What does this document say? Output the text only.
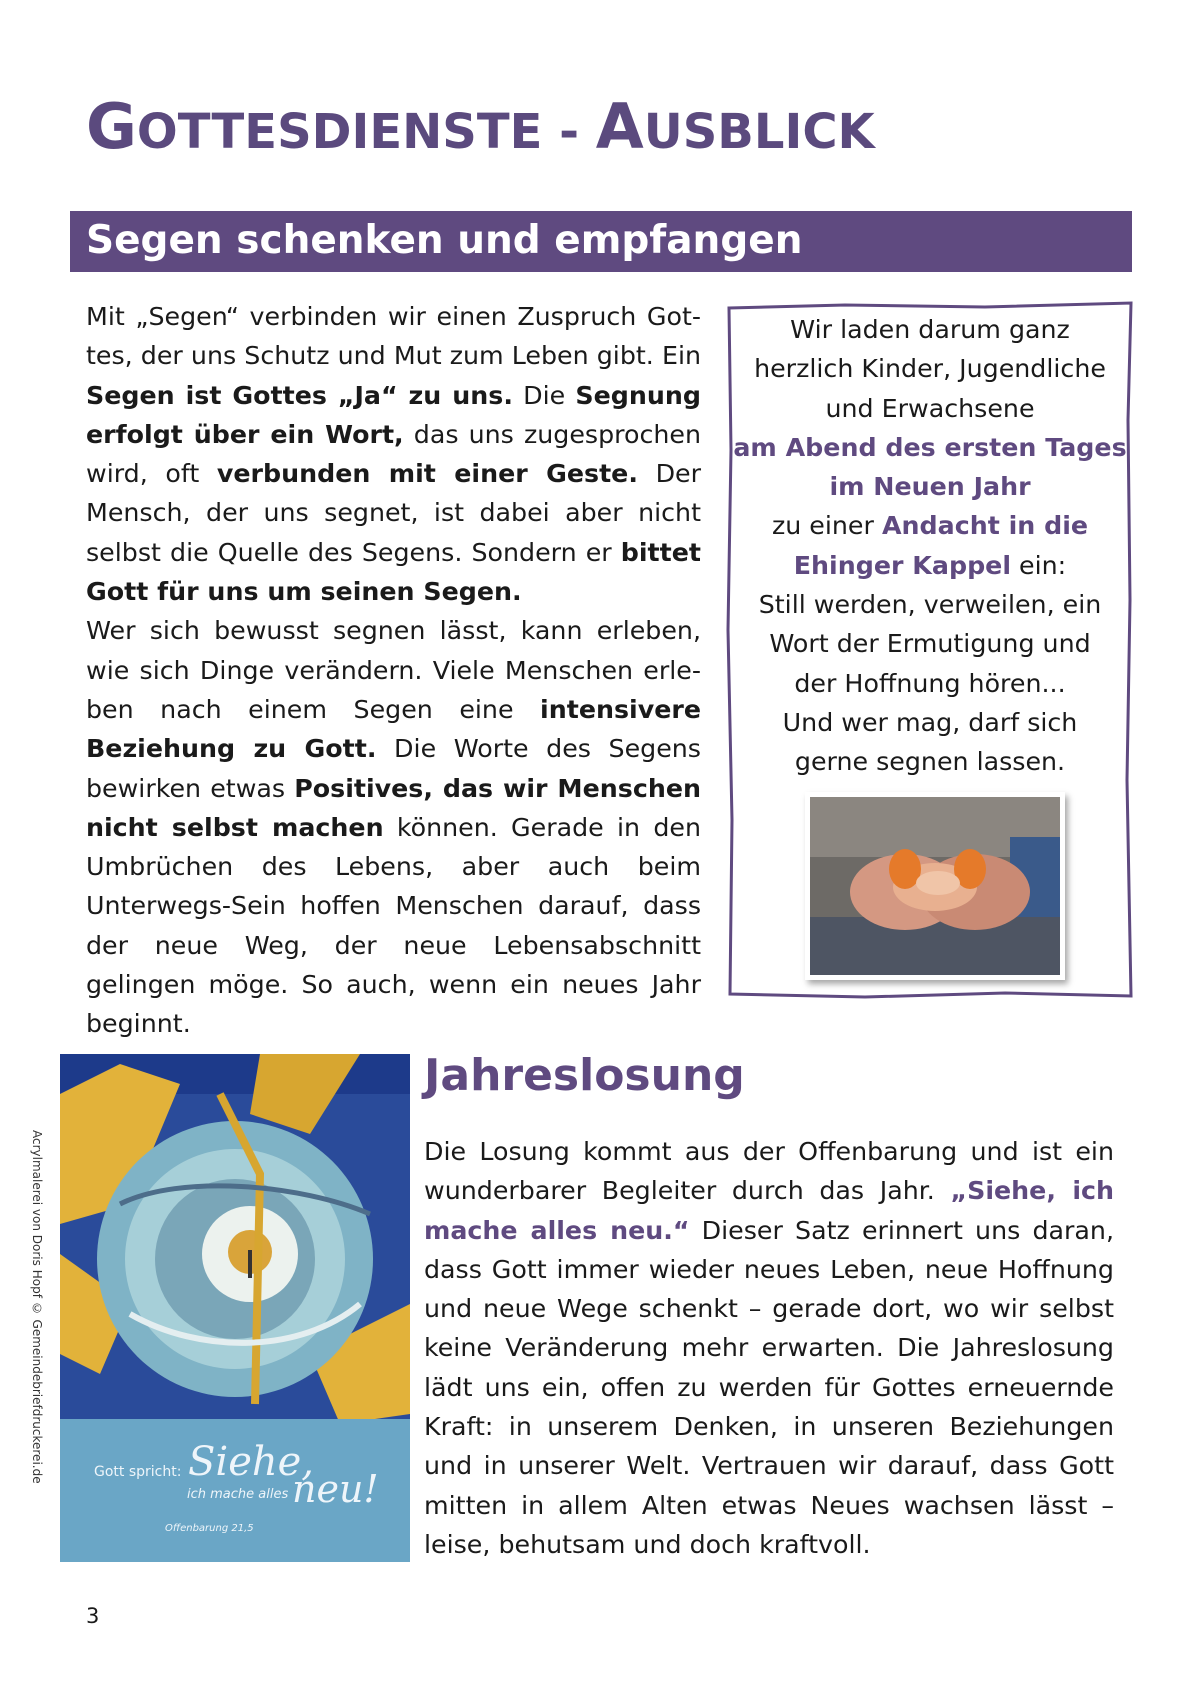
GOTTESDIENSTE - AUSBLICK
Segen schenken und empfangen

Mit „Segen“ verbinden wir einen Zuspruch Gottes, der uns Schutz und Mut zum Leben gibt. Ein Segen ist Gottes „Ja“ zu uns. Die Segnung erfolgt über ein Wort, das uns zugesprochen wird, oft verbunden mit einer Geste. Der Mensch, der uns segnet, ist dabei aber nicht selbst die Quelle des Segens. Sondern er bittet Gott für uns um seinen Segen.

Wer sich bewusst segnen lässt, kann erleben, wie sich Dinge verändern. Viele Menschen erleben nach einem Segen eine intensivere Beziehung zu Gott. Die Worte des Segens bewirken etwas Positives, das wir Menschen nicht selbst machen können. Gerade in den Umbrüchen des Lebens, aber auch beim Unterwegs-Sein hoffen Menschen darauf, dass der neue Weg, der neue Lebensabschnitt gelingen möge. So auch, wenn ein neues Jahr beginnt.

Wir laden darum ganz
herzlich Kinder, Jugendliche
und Erwachsene
am Abend des ersten Tages
im Neuen Jahr
zu einer Andacht in die
Ehinger Kappel ein:
Still werden, verweilen, ein
Wort der Ermutigung und
der Hoffnung hören...
Und wer mag, darf sich
gerne segnen lassen.
Acrylmalerei von Doris Hopf © Gemeindebriefdruckerei.de	Gott spricht: Siehe,
ich mache alles neu!
Offenbarung 21,5
Jahreslosung

Die Losung kommt aus der Offenbarung und ist ein wunderbarer Begleiter durch das Jahr. „Siehe, ich mache alles neu.“ Dieser Satz erinnert uns daran, dass Gott immer wieder neues Leben, neue Hoffnung und neue Wege schenkt – gerade dort, wo wir selbst keine Veränderung mehr erwarten. Die Jahreslosung lädt uns ein, offen zu werden für Gottes erneuernde Kraft: in unserem Denken, in unseren Beziehungen und in unserer Welt. Vertrauen wir darauf, dass Gott mitten in allem Alten etwas Neues wachsen lässt – leise, behutsam und doch kraftvoll.

3
